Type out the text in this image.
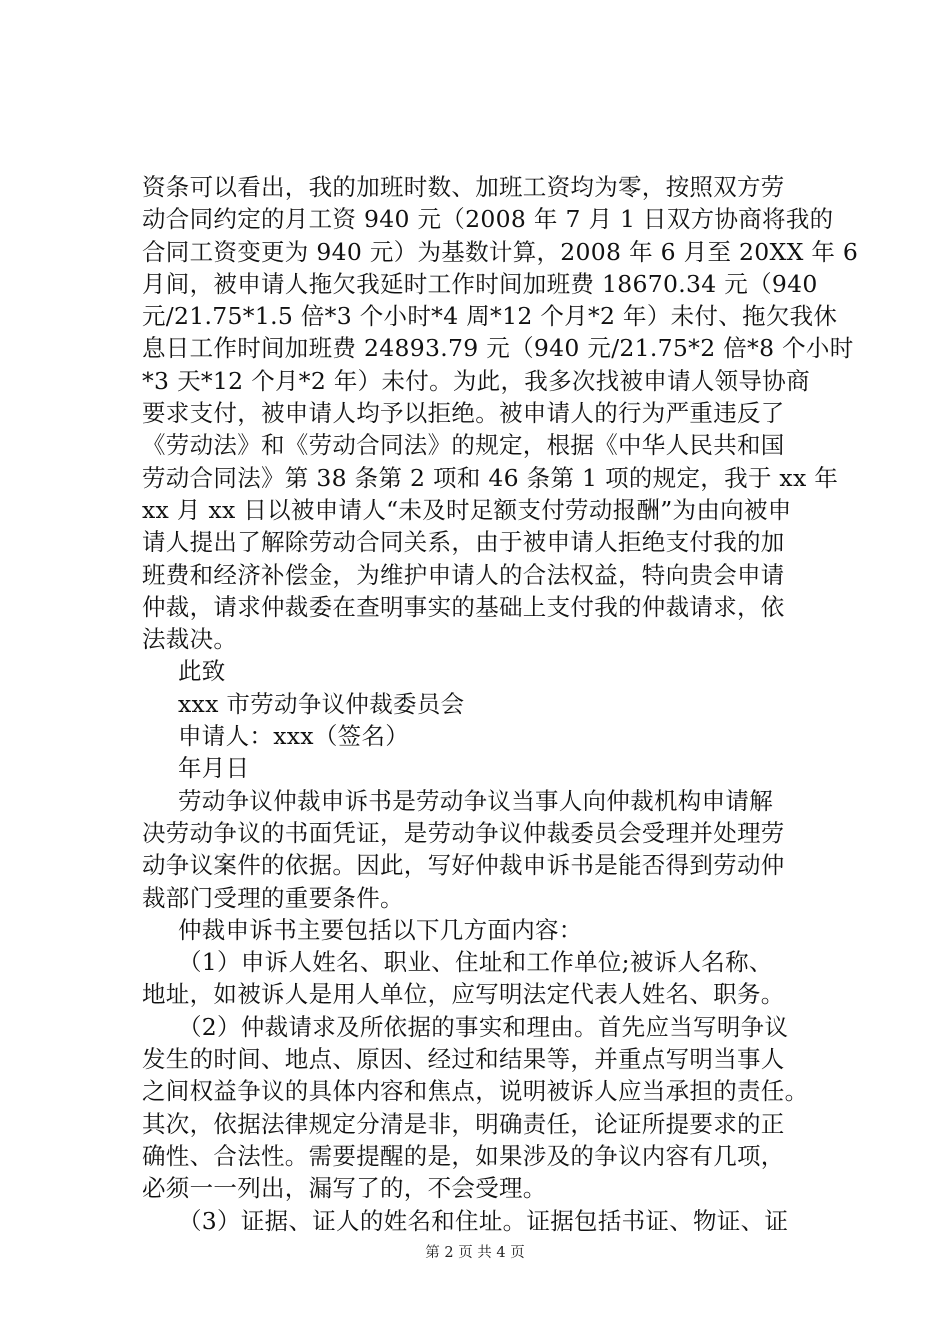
资条可以看出，我的加班时数、加班工资均为零，按照双方劳
动合同约定的月工资 940 元（2008 年 7 月 1 日双方协商将我的
合同工资变更为 940 元）为基数计算，2008 年 6 月至 20XX 年 6
月间，被申请人拖欠我延时工作时间加班费 18670.34 元（940
元/21.75*1.5 倍*3 个小时*4 周*12 个月*2 年）未付、拖欠我休
息日工作时间加班费 24893.79 元（940 元/21.75*2 倍*8 个小时
*3 天*12 个月*2 年）未付。为此，我多次找被申请人领导协商
要求支付，被申请人均予以拒绝。被申请人的行为严重违反了
《劳动法》和《劳动合同法》的规定，根据《中华人民共和国
劳动合同法》第 38 条第 2 项和 46 条第 1 项的规定，我于 xx 年
xx 月 xx 日以被申请人“未及时足额支付劳动报酬”为由向被申
请人提出了解除劳动合同关系，由于被申请人拒绝支付我的加
班费和经济补偿金，为维护申请人的合法权益，特向贵会申请
仲裁，请求仲裁委在查明事实的基础上支付我的仲裁请求，依
法裁决。
此致
xxx 市劳动争议仲裁委员会
申请人：xxx（签名）
年月日
劳动争议仲裁申诉书是劳动争议当事人向仲裁机构申请解
决劳动争议的书面凭证，是劳动争议仲裁委员会受理并处理劳
动争议案件的依据。因此，写好仲裁申诉书是能否得到劳动仲
裁部门受理的重要条件。
仲裁申诉书主要包括以下几方面内容：
（1）申诉人姓名、职业、住址和工作单位;被诉人名称、
地址，如被诉人是用人单位，应写明法定代表人姓名、职务。
（2）仲裁请求及所依据的事实和理由。首先应当写明争议
发生的时间、地点、原因、经过和结果等，并重点写明当事人
之间权益争议的具体内容和焦点，说明被诉人应当承担的责任。
其次，依据法律规定分清是非，明确责任，论证所提要求的正
确性、合法性。需要提醒的是，如果涉及的争议内容有几项，
必须一一列出，漏写了的，不会受理。
（3）证据、证人的姓名和住址。证据包括书证、物证、证
第 2 页 共 4 页
